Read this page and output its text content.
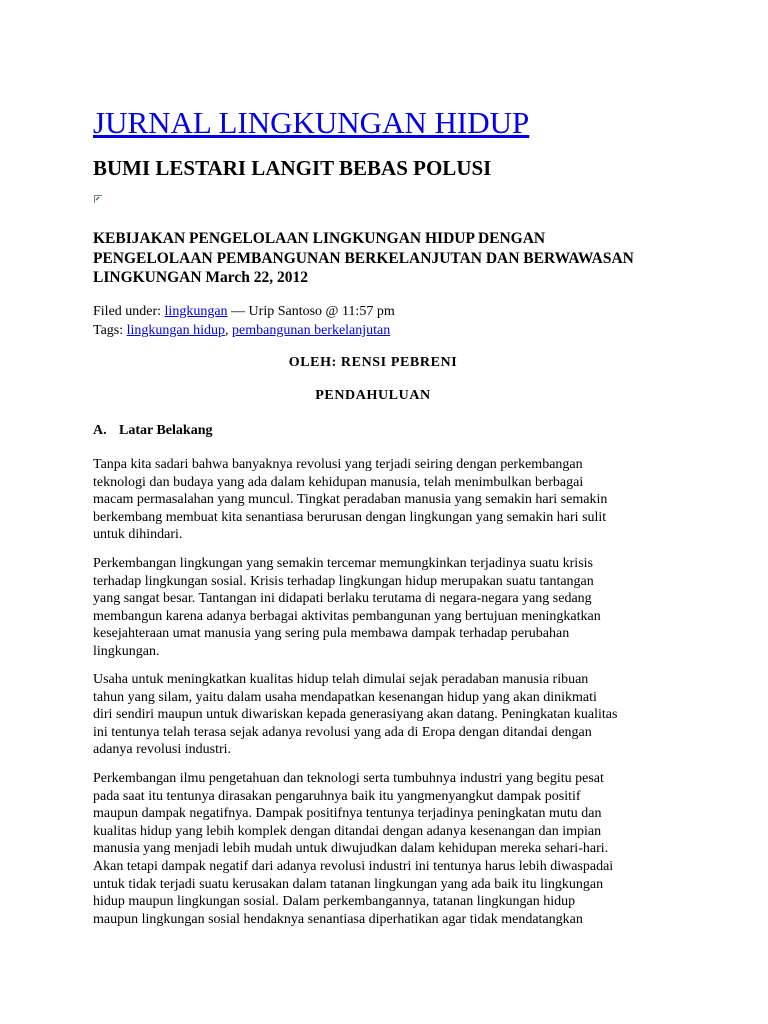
JURNAL LINGKUNGAN HIDUP
BUMI LESTARI LANGIT BEBAS POLUSI
KEBIJAKAN PENGELOLAAN LINGKUNGAN HIDUP DENGAN PENGELOLAAN PEMBANGUNAN BERKELANJUTAN DAN BERWAWASAN LINGKUNGAN March 22, 2012
Filed under: lingkungan — Urip Santoso @ 11:57 pm
Tags: lingkungan hidup, pembangunan berkelanjutan
OLEH: RENSI PEBRENI
PENDAHULUAN
A. Latar Belakang
Tanpa kita sadari bahwa banyaknya revolusi yang terjadi seiring dengan perkembangan
teknologi dan budaya yang ada dalam kehidupan manusia, telah menimbulkan berbagai
macam permasalahan yang muncul. Tingkat peradaban manusia yang semakin hari semakin
berkembang membuat kita senantiasa berurusan dengan lingkungan yang semakin hari sulit
untuk dihindari.
Perkembangan lingkungan yang semakin tercemar memungkinkan terjadinya suatu krisis
terhadap lingkungan sosial. Krisis terhadap lingkungan hidup merupakan suatu tantangan
yang sangat besar. Tantangan ini didapati berlaku terutama di negara-negara yang sedang
membangun karena adanya berbagai aktivitas pembangunan yang bertujuan meningkatkan
kesejahteraan umat manusia yang sering pula membawa dampak terhadap perubahan
lingkungan.
Usaha untuk meningkatkan kualitas hidup telah dimulai sejak peradaban manusia ribuan
tahun yang silam, yaitu dalam usaha mendapatkan kesenangan hidup yang akan dinikmati
diri sendiri maupun untuk diwariskan kepada generasiyang akan datang. Peningkatan kualitas
ini tentunya telah terasa sejak adanya revolusi yang ada di Eropa dengan ditandai dengan
adanya revolusi industri.
Perkembangan ilmu pengetahuan dan teknologi serta tumbuhnya industri yang begitu pesat
pada saat itu tentunya dirasakan pengaruhnya baik itu yangmenyangkut dampak positif
maupun dampak negatifnya. Dampak positifnya tentunya terjadinya peningkatan mutu dan
kualitas hidup yang lebih komplek dengan ditandai dengan adanya kesenangan dan impian
manusia yang menjadi lebih mudah untuk diwujudkan dalam kehidupan mereka sehari-hari.
Akan tetapi dampak negatif dari adanya revolusi industri ini tentunya harus lebih diwaspadai
untuk tidak terjadi suatu kerusakan dalam tatanan lingkungan yang ada baik itu lingkungan
hidup maupun lingkungan sosial. Dalam perkembangannya, tatanan lingkungan hidup
maupun lingkungan sosial hendaknya senantiasa diperhatikan agar tidak mendatangkan
